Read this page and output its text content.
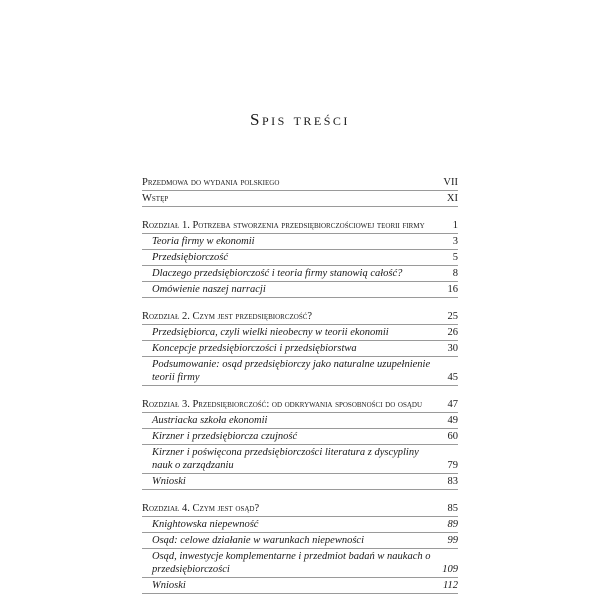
Spis treści
Przedmowa do wydania polskiego	VII
Wstęp	XI
Rozdział 1. Potrzeba stworzenia przedsiębiorczościowej teorii firmy	1
Teoria firmy w ekonomii	3
Przedsiębiorczość	5
Dlaczego przedsiębiorczość i teoria firmy stanowią całość?	8
Omówienie naszej narracji	16
Rozdział 2. Czym jest przedsiębiorczość?	25
Przedsiębiorca, czyli wielki nieobecny w teorii ekonomii	26
Koncepcje przedsiębiorczości i przedsiębiorstwa	30
Podsumowanie: osąd przedsiębiorczy jako naturalne uzupełnienie teorii firmy	45
Rozdział 3. Przedsiębiorczość: od odkrywania sposobności do osądu	47
Austriacka szkoła ekonomii	49
Kirzner i przedsiębiorcza czujność	60
Kirzner i poświęcona przedsiębiorczości literatura z dyscypliny nauk o zarządzaniu	79
Wnioski	83
Rozdział 4. Czym jest osąd?	85
Knightowska niepewność	89
Osąd: celowe działanie w warunkach niepewności	99
Osąd, inwestycje komplementarne i przedmiot badań w naukach o przedsiębiorczości	109
Wnioski	112
